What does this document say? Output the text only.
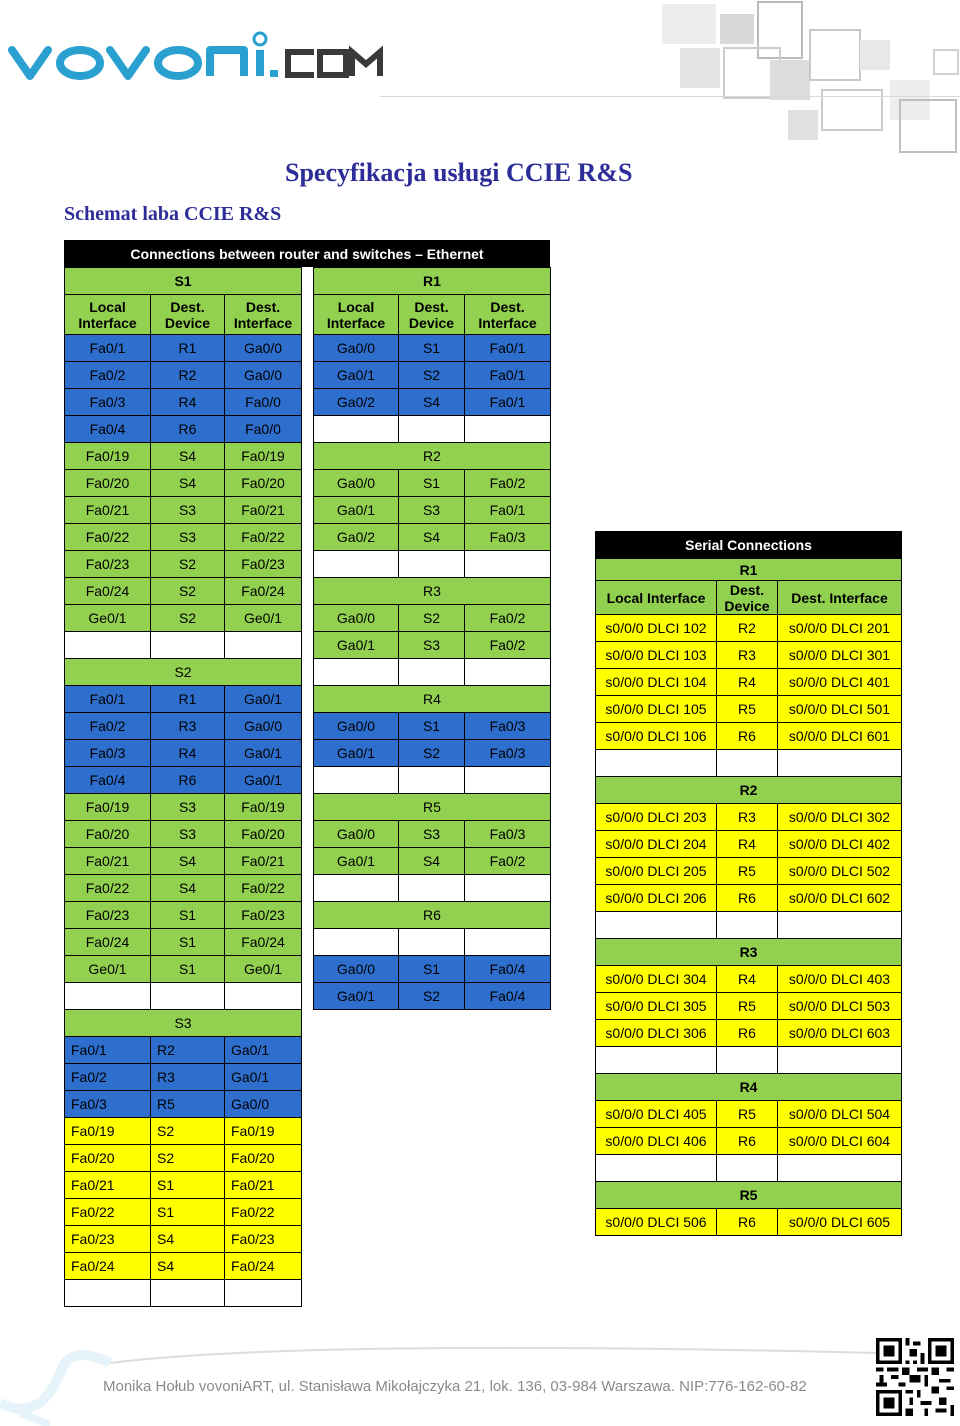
Specyfikacja usługi CCIE R&S
Schemat laba CCIE R&S

S1		
Local Interface	Dest. Device	Dest. Interface
Fa0/1	R1	Ga0/0
Fa0/2	R2	Ga0/0
Fa0/3	R4	Fa0/0
Fa0/4	R6	Fa0/0
Fa0/19	S4	Fa0/19
Fa0/20	S4	Fa0/20
Fa0/21	S3	Fa0/21
Fa0/22	S3	Fa0/22
Fa0/23	S2	Fa0/23
Fa0/24	S2	Fa0/24
Ge0/1	S2	Ge0/1

S2		
Fa0/1	R1	Ga0/1
Fa0/2	R3	Ga0/0
Fa0/3	R4	Ga0/1
Fa0/4	R6	Ga0/1
Fa0/19	S3	Fa0/19
Fa0/20	S3	Fa0/20
Fa0/21	S4	Fa0/21
Fa0/22	S4	Fa0/22
Fa0/23	S1	Fa0/23
Fa0/24	S1	Fa0/24
Ge0/1	S1	Ge0/1

S3		
Fa0/1	R2	Ga0/1
Fa0/2	R3	Ga0/1
Fa0/3	R5	Ga0/0
Fa0/19	S2	Fa0/19
Fa0/20	S2	Fa0/20
Fa0/21	S1	Fa0/21
Fa0/22	S1	Fa0/22
Fa0/23	S4	Fa0/23
Fa0/24	S4	Fa0/24

Connections between router and switches – Ethernet
R1		
Local Interface	Dest. Device	Dest. Interface
Ga0/0	S1	Fa0/1
Ga0/1	S2	Fa0/1
Ga0/2	S4	Fa0/1

R2		
Ga0/0	S1	Fa0/2
Ga0/1	S3	Fa0/1
Ga0/2	S4	Fa0/3

R3		
Ga0/0	S2	Fa0/2
Ga0/1	S3	Fa0/2

R4		
Ga0/0	S1	Fa0/3
Ga0/1	S2	Fa0/3

R5		
Ga0/0	S3	Fa0/3
Ga0/1	S4	Fa0/2

R6		

Ga0/0	S1	Fa0/4
Ga0/1	S2	Fa0/4
Serial Connections		
R1		
Local Interface	Dest. Device	Dest. Interface
s0/0/0 DLCI 102	R2	s0/0/0 DLCI 201
s0/0/0 DLCI 103	R3	s0/0/0 DLCI 301
s0/0/0 DLCI 104	R4	s0/0/0 DLCI 401
s0/0/0 DLCI 105	R5	s0/0/0 DLCI 501
s0/0/0 DLCI 106	R6	s0/0/0 DLCI 601

R2		
s0/0/0 DLCI 203	R3	s0/0/0 DLCI 302
s0/0/0 DLCI 204	R4	s0/0/0 DLCI 402
s0/0/0 DLCI 205	R5	s0/0/0 DLCI 502
s0/0/0 DLCI 206	R6	s0/0/0 DLCI 602

R3		
s0/0/0 DLCI 304	R4	s0/0/0 DLCI 403
s0/0/0 DLCI 305	R5	s0/0/0 DLCI 503
s0/0/0 DLCI 306	R6	s0/0/0 DLCI 603

R4		
s0/0/0 DLCI 405	R5	s0/0/0 DLCI 504
s0/0/0 DLCI 406	R6	s0/0/0 DLCI 604

R5		
s0/0/0 DLCI 506	R6	s0/0/0 DLCI 605
Monika Hołub vovoniART, ul. Stanisława Mikołajczyka 21, lok. 136, 03-984 Warszawa. NIP:776-162-60-82
